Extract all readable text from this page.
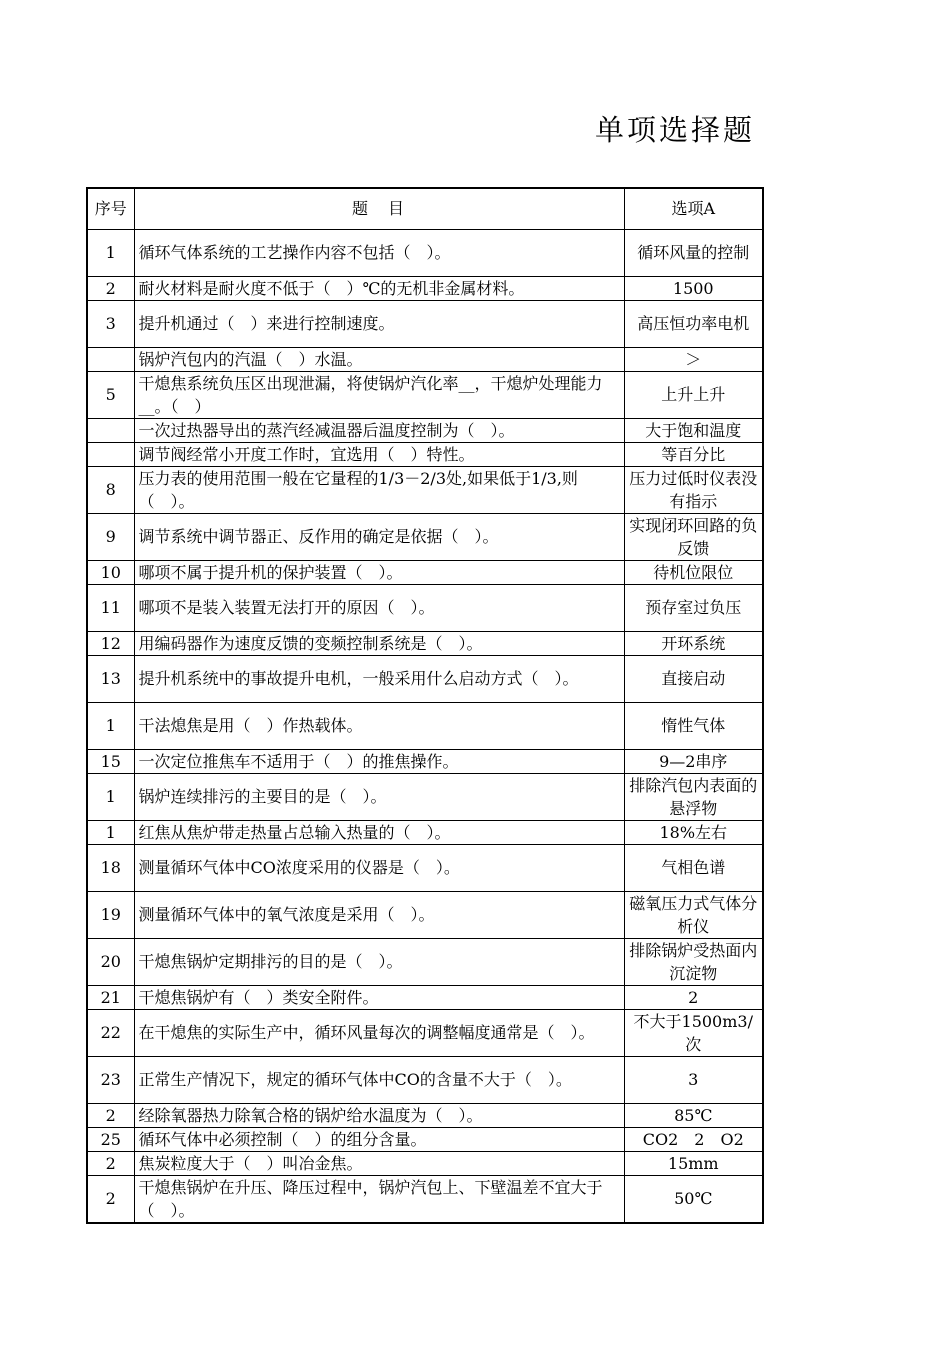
单项选择题
序号	题　目	选项A
1	循环气体系统的工艺操作内容不包括（　）。	循环风量的控制
2	耐火材料是耐火度不低于（　）℃的无机非金属材料。	1500
3	提升机通过（　）来进行控制速度。	高压恒功率电机
	锅炉汽包内的汽温（　）水温。	＞
5	干熄焦系统负压区出现泄漏，将使锅炉汽化率__，干熄炉处理能力__。（　）	上升上升
	一次过热器导出的蒸汽经减温器后温度控制为（　）。	大于饱和温度
	调节阀经常小开度工作时，宜选用（　）特性。	等百分比
8	压力表的使用范围一般在它量程的1/3－2/3处,如果低于1/3,则（　）。	压力过低时仪表没有指示
9	调节系统中调节器正、反作用的确定是依据（　）。	实现闭环回路的负反馈
10	哪项不属于提升机的保护装置（　）。	待机位限位
11	哪项不是装入装置无法打开的原因（　）。	预存室过负压
12	用编码器作为速度反馈的变频控制系统是（　）。	开环系统
13	提升机系统中的事故提升电机，一般采用什么启动方式（　）。	直接启动
1	干法熄焦是用（　）作热载体。	惰性气体
15	一次定位推焦车不适用于（　）的推焦操作。	9—2串序
1	锅炉连续排污的主要目的是（　）。	排除汽包内表面的悬浮物
1	红焦从焦炉带走热量占总输入热量的（　）。	18%左右
18	测量循环气体中CO浓度采用的仪器是（　）。	气相色谱
19	测量循环气体中的氧气浓度是采用（　）。	磁氧压力式气体分析仪
20	干熄焦锅炉定期排污的目的是（　）。	排除锅炉受热面内沉淀物
21	干熄焦锅炉有（　）类安全附件。	2
22	在干熄焦的实际生产中，循环风量每次的调整幅度通常是（　）。	不大于1500m3/次
23	正常生产情况下，规定的循环气体中CO的含量不大于（　）。	3
2	经除氧器热力除氧合格的锅炉给水温度为（　）。	85℃
25	循环气体中必须控制（　）的组分含量。	CO2　2　O2
2	焦炭粒度大于（　）叫冶金焦。	15mm
2	干熄焦锅炉在升压、降压过程中，锅炉汽包上、下壁温差不宜大于（　）。	50℃
